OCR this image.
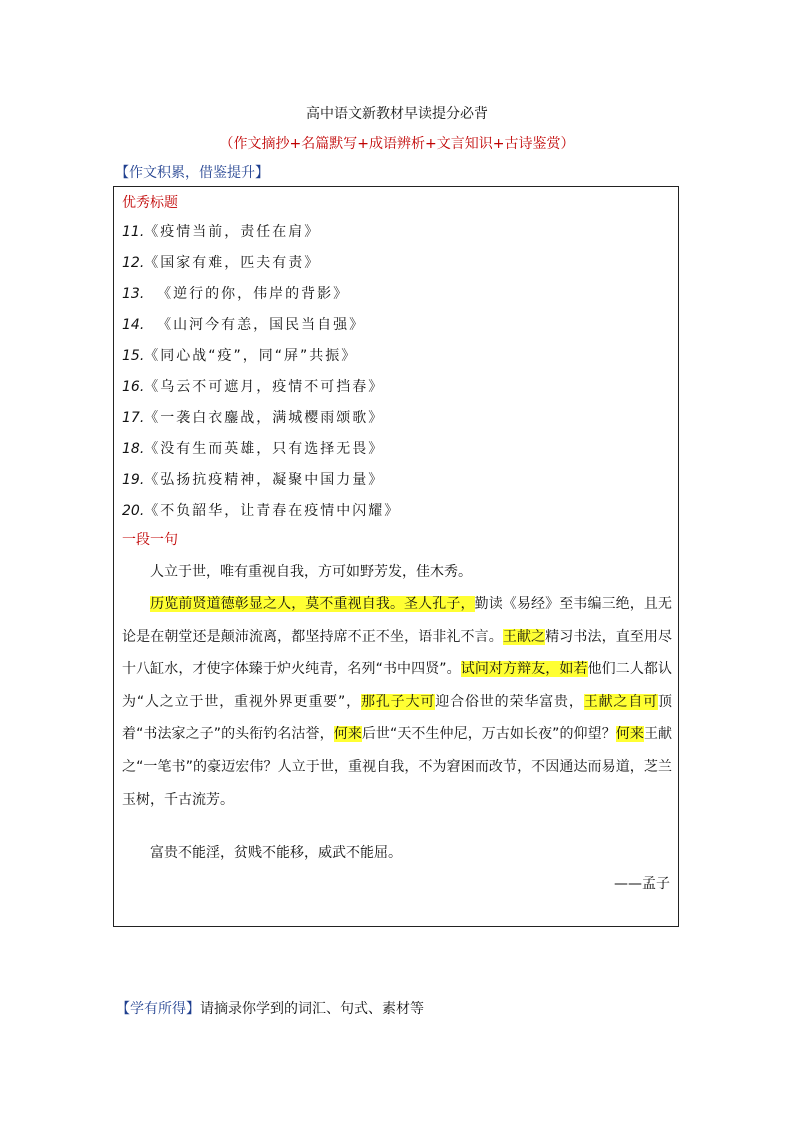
高中语文新教材早读提分必背
（作文摘抄+名篇默写+成语辨析+文言知识+古诗鉴赏）
【作文积累，借鉴提升】
优秀标题
11.《疫情当前，责任在肩》
12.《国家有难，匹夫有责》
13.  《逆行的你，伟岸的背影》
14.  《山河今有恙，国民当自强》
15.《同心战“疫”，同“屏”共振》
16.《乌云不可遮月，疫情不可挡春》
17.《一袭白衣鏖战，满城樱雨颂歌》
18.《没有生而英雄，只有选择无畏》
19.《弘扬抗疫精神，凝聚中国力量》
20.《不负韶华，让青春在疫情中闪耀》
一段一句

人立于世，唯有重视自我，方可如野芳发，佳木秀。

历览前贤道德彰显之人，莫不重视自我。圣人孔子，勤读《易经》至韦编三绝，且无论是在朝堂还是颠沛流离，都坚持席不正不坐，语非礼不言。王献之精习书法，直至用尽十八缸水，才使字体臻于炉火纯青，名列“书中四贤”。试问对方辩友，如若他们二人都认为“人之立于世，重视外界更重要”，那孔子大可迎合俗世的荣华富贵，王献之自可顶着“书法家之子”的头衔钓名沽誉，何来后世“天不生仲尼，万古如长夜”的仰望？何来王献之“一笔书”的豪迈宏伟？人立于世，重视自我，不为窘困而改节，不因通达而易道，芝兰玉树，千古流芳。

富贵不能淫，贫贱不能移，威武不能屈。

——孟子
【学有所得】请摘录你学到的词汇、句式、素材等
